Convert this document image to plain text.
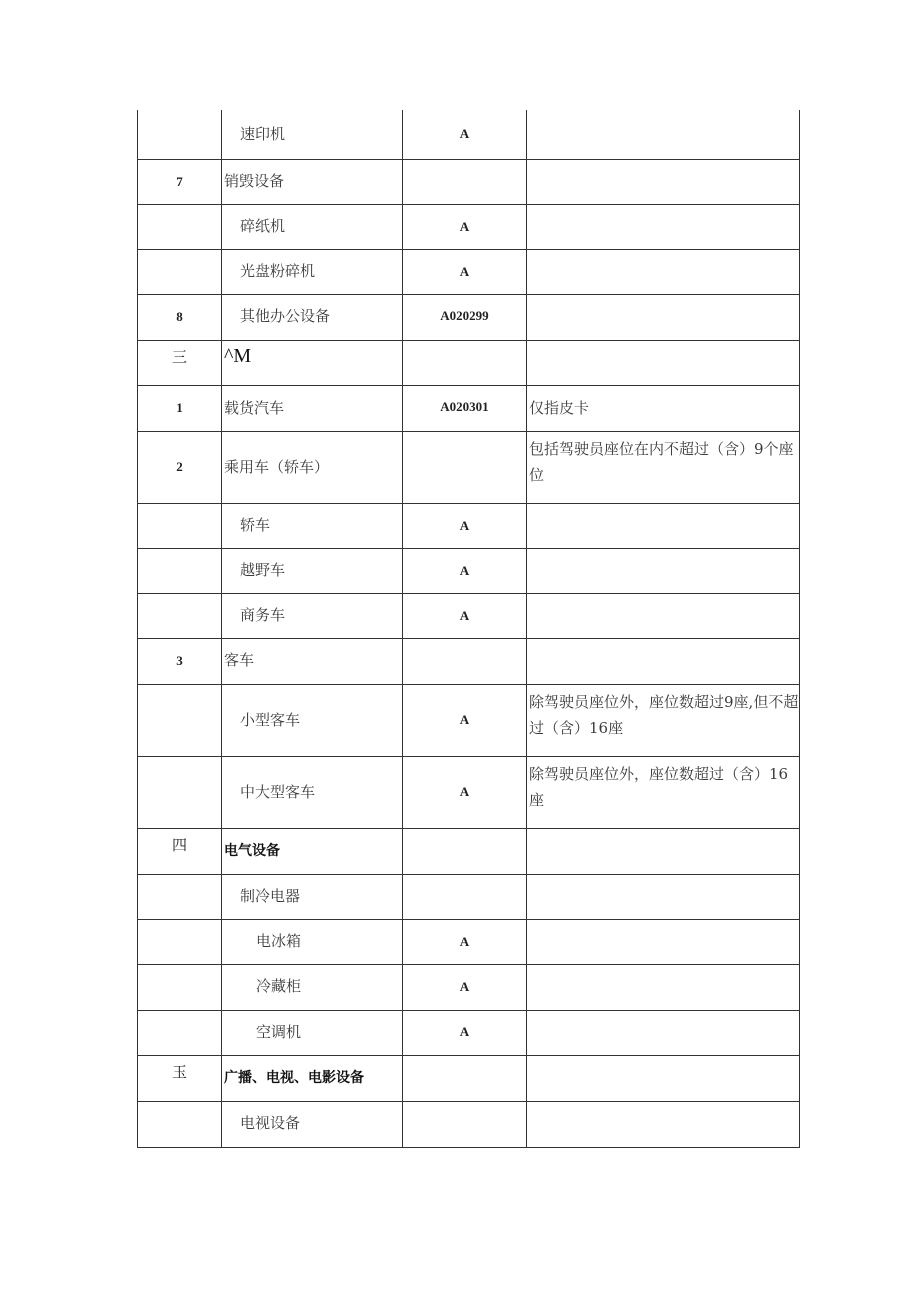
	速印机	A	
7	销毁设备		
	碎纸机	A	
	光盘粉碎机	A	
8	其他办公设备	A020299	
三	^M		
1	载货汽车	A020301	仅指皮卡
2	乘用车（轿车）		包括驾驶员座位在内不超过（含）9个座位
	轿车	A	
	越野车	A	
	商务车	A	
3	客车		
	小型客车	A	除驾驶员座位外，座位数超过9座,但不超过（含）16座
	中大型客车	A	除驾驶员座位外，座位数超过（含）16座
四	电气设备		
	制冷电器		
	电冰箱	A	
	冷藏柜	A	
	空调机	A	
玉	广播、电视、电影设备		
	电视设备		
